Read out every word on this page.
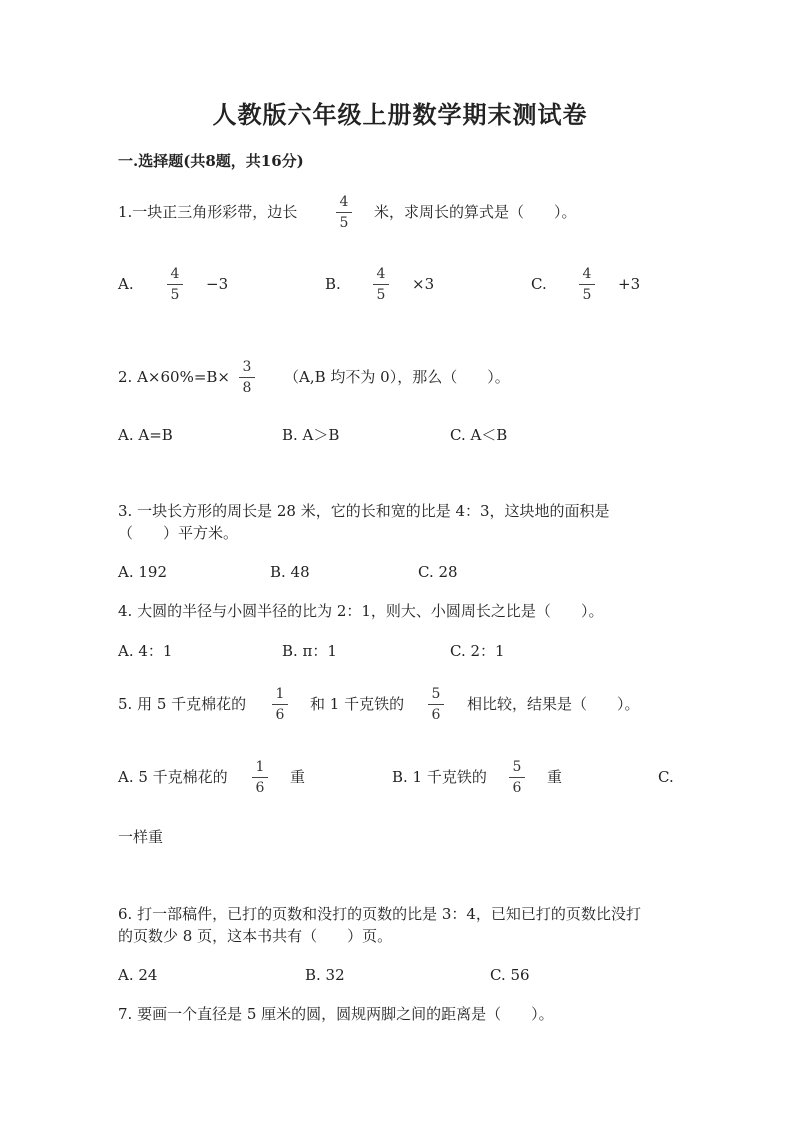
人教版六年级上册数学期末测试卷
一.选择题(共8题，共16分)
1.一块正三角形彩带，边长
4
5
米，求周长的算式是（　　）。
A.
4
5
−3	B.
4
5
×3	C.
4
5
+3
2. A×60%=B×
3
8
（A,B 均不为 0），那么（　　）。
A. A=B	B. A＞B	C. A＜B
3. 一块长方形的周长是 28 米，它的长和宽的比是 4：3，这块地的面积是
（　　）平方米。
A. 192	B. 48	C. 28
4. 大圆的半径与小圆半径的比为 2：1，则大、小圆周长之比是（　　）。
A. 4：1	B. π：1	C. 2：1
5. 用 5 千克棉花的
1
6
和 1 千克铁的
5
6
相比较，结果是（　　）。
A. 5 千克棉花的
1
6
重	B. 1 千克铁的
5
6
重	C.
一样重
6. 打一部稿件，已打的页数和没打的页数的比是 3：4，已知已打的页数比没打
的页数少 8 页，这本书共有（　　）页。
A. 24	B. 32	C. 56
7. 要画一个直径是 5 厘米的圆，圆规两脚之间的距离是（　　）。
